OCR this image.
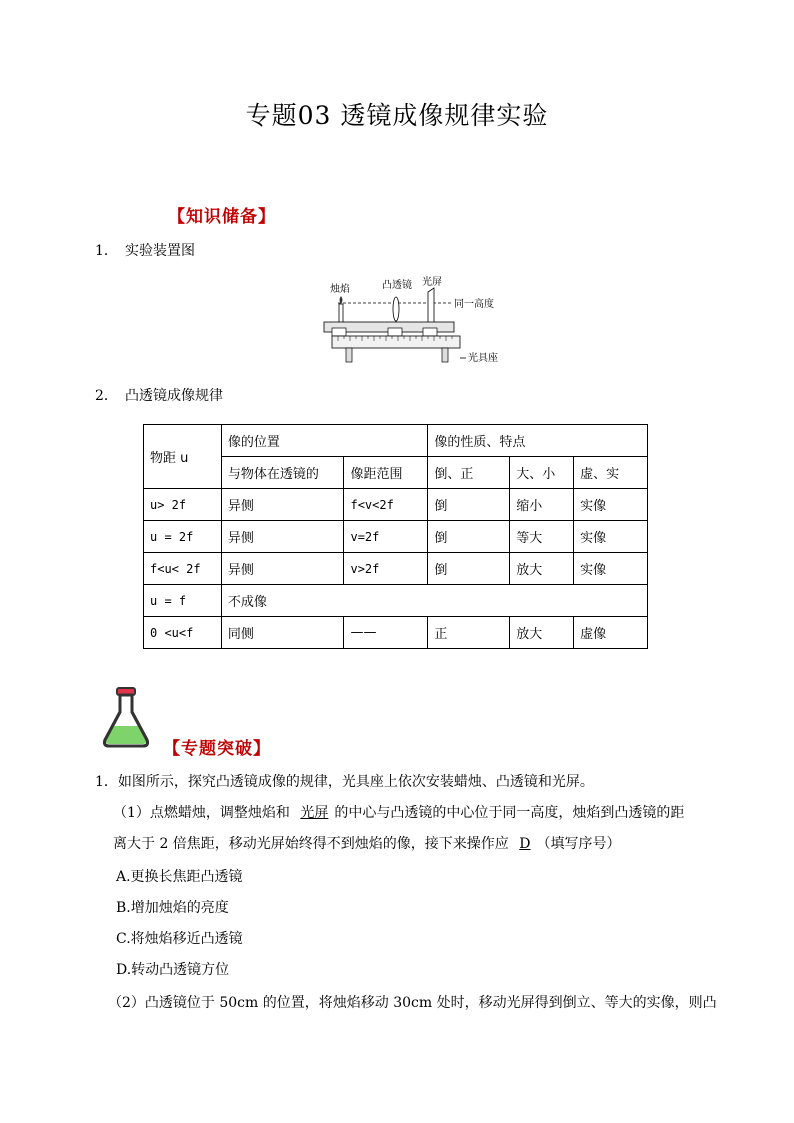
专题03 透镜成像规律实验
【知识储备】
1． 实验装置图
烛焰	凸透镜 光屏
同一高度
光具座
2． 凸透镜成像规律
物距 u	像的位置		像的性质、特点		
	与物体在透镜的	像距范围	倒、正	大、小	虚、实
u> 2f	异侧	f<v<2f	倒	缩小	实像
u = 2f	异侧	v=2f	倒	等大	实像
f<u< 2f	异侧	v>2f	倒	放大	实像
u = f	不成像				
0 <u<f	同侧	——	正	放大	虚像
【专题突破】
1．如图所示，探究凸透镜成像的规律，光具座上依次安装蜡烛、凸透镜和光屏。
（1）点燃蜡烛，调整烛焰和 光屏 的中心与凸透镜的中心位于同一高度，烛焰到凸透镜的距
离大于 2 倍焦距，移动光屏始终得不到烛焰的像，接下来操作应 D （填写序号）
A.更换长焦距凸透镜
B.增加烛焰的亮度
C.将烛焰移近凸透镜
D.转动凸透镜方位
（2）凸透镜位于 50cm 的位置，将烛焰移动 30cm 处时，移动光屏得到倒立、等大的实像，则凸
